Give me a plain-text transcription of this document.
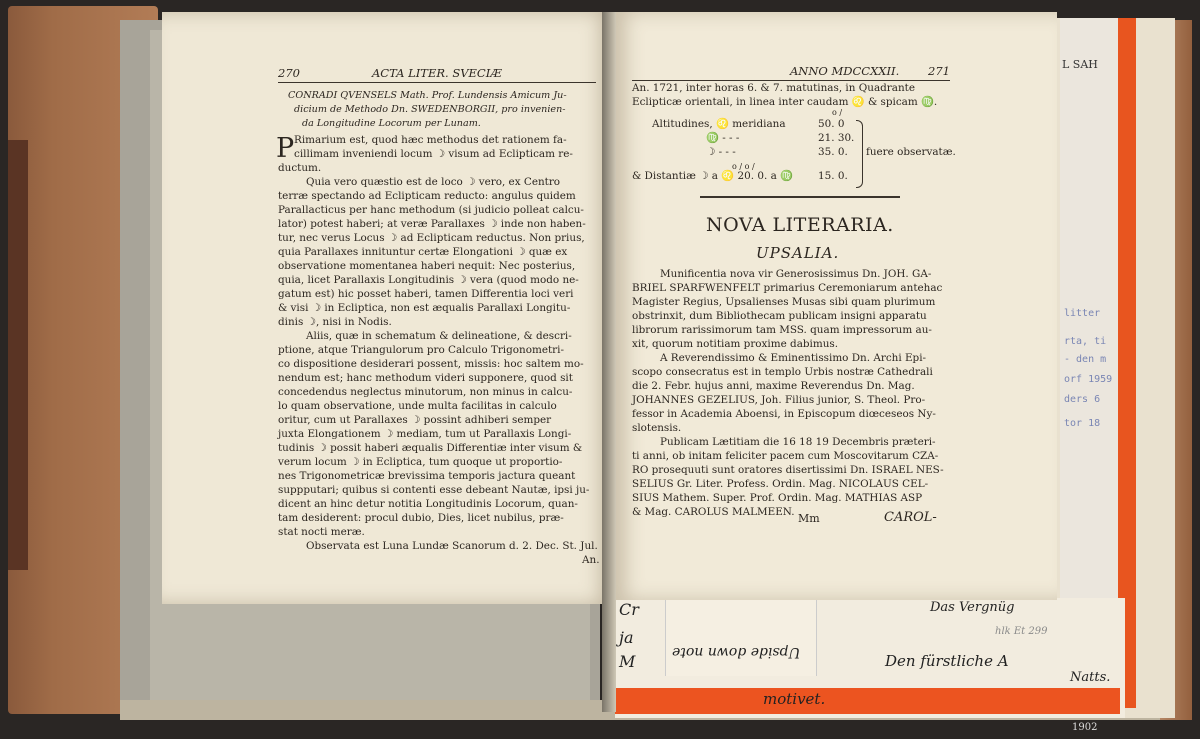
L SAH
litter
rta, ti
- den m
orf 1959
ders 6
tor 18
Cr
ja
M
Das Vergnüg
Den fürstliche A
hlk Et 299
Natts.
Upside down note
motivet.
1902
270	ACTA LITER. SVECIÆ
CONRADI QVENSELS Math. Prof. Lundensis Amicum Ju-
dicium de Methodo Dn. SWEDENBORGII, pro invenien-
da Longitudine Locorum per Lunam.
P Rimarium est, quod hæc methodus det rationem fa-
cillimam inveniendi locum ☽ visum ad Eclipticam re-
ductum.
Quia vero quæstio est de loco ☽ vero, ex Centro
terræ spectando ad Eclipticam reducto: angulus quidem
Parallacticus per hanc methodum (si judicio polleat calcu-
lator) potest haberi; at veræ Parallaxes ☽ inde non haben-
tur, nec verus Locus ☽ ad Eclipticam reductus. Non prius,
quia Parallaxes innituntur certæ Elongationi ☽ quæ ex
observatione momentanea haberi nequit: Nec posterius,
quia, licet Parallaxis Longitudinis ☽ vera (quod modo ne-
gatum est) hic posset haberi, tamen Differentia loci veri
& visi ☽ in Ecliptica, non est æqualis Parallaxi Longitu-
dinis ☽, nisi in Nodis.
Aliis, quæ in schematum & delineatione, & descri-
ptione, atque Triangulorum pro Calculo Trigonometri-
co dispositione desiderari possent, missis: hoc saltem mo-
nendum est; hanc methodum videri supponere, quod sit
concedendus neglectus minutorum, non minus in calcu-
lo quam observatione, unde multa facilitas in calculo
oritur, cum ut Parallaxes ☽ possint adhiberi semper
juxta Elongationem ☽ mediam, tum ut Parallaxis Longi-
tudinis ☽ possit haberi æqualis Differentiæ inter visum &
verum locum ☽ in Ecliptica, tum quoque ut proportio-
nes Trigonometricæ brevissima temporis jactura queant
suppputari; quibus si contenti esse debeant Nautæ, ipsi ju-
dicent an hinc detur notitia Longitudinis Locorum, quan-
tam desiderent: procul dubio, Dies, licet nubilus, præ-
stat nocti meræ.
Observata est Luna Lundæ Scanorum d. 2. Dec. St. Jul.
An.
ANNO MDCCXXII.	271
An. 1721, inter horas 6. & 7. matutinas, in Quadrante
Eclipticæ orientali, in linea inter caudam ♌ & spicam ♍.
o /
Altitudines, ♌ meridiana	50. 0
♍ - - -	21. 30.
☽ - - -	35. 0.
o / o /
& Distantiæ ☽ a ♌ 20. 0. a ♍ 15. 0.
fuere observatæ.
NOVA LITERARIA.
UPSALIA.
Munificentia nova vir Generosissimus Dn. JOH. GA-
BRIEL SPARFWENFELT primarius Ceremoniarum antehac
Magister Regius, Upsalienses Musas sibi quam plurimum
obstrinxit, dum Bibliothecam publicam insigni apparatu
librorum rarissimorum tam MSS. quam impressorum au-
xit, quorum notitiam proxime dabimus.
A Reverendissimo & Eminentissimo Dn. Archi Epi-
scopo consecratus est in templo Urbis nostræ Cathedrali
die 2. Febr. hujus anni, maxime Reverendus Dn. Mag.
JOHANNES GEZELIUS, Joh. Filius junior, S. Theol. Pro-
fessor in Academia Aboensi, in Episcopum diœceseos Ny-
slotensis.
Publicam Lætitiam die 16 18 19 Decembris præteri-
ti anni, ob initam feliciter pacem cum Moscovitarum CZA-
RO prosequuti sunt oratores disertissimi Dn. ISRAEL NES-
SELIUS Gr. Liter. Profess. Ordin. Mag. NICOLAUS CEL-
SIUS Mathem. Super. Prof. Ordin. Mag. MATHIAS ASP
& Mag. CAROLUS MALMEEN. Mm	CAROL-
